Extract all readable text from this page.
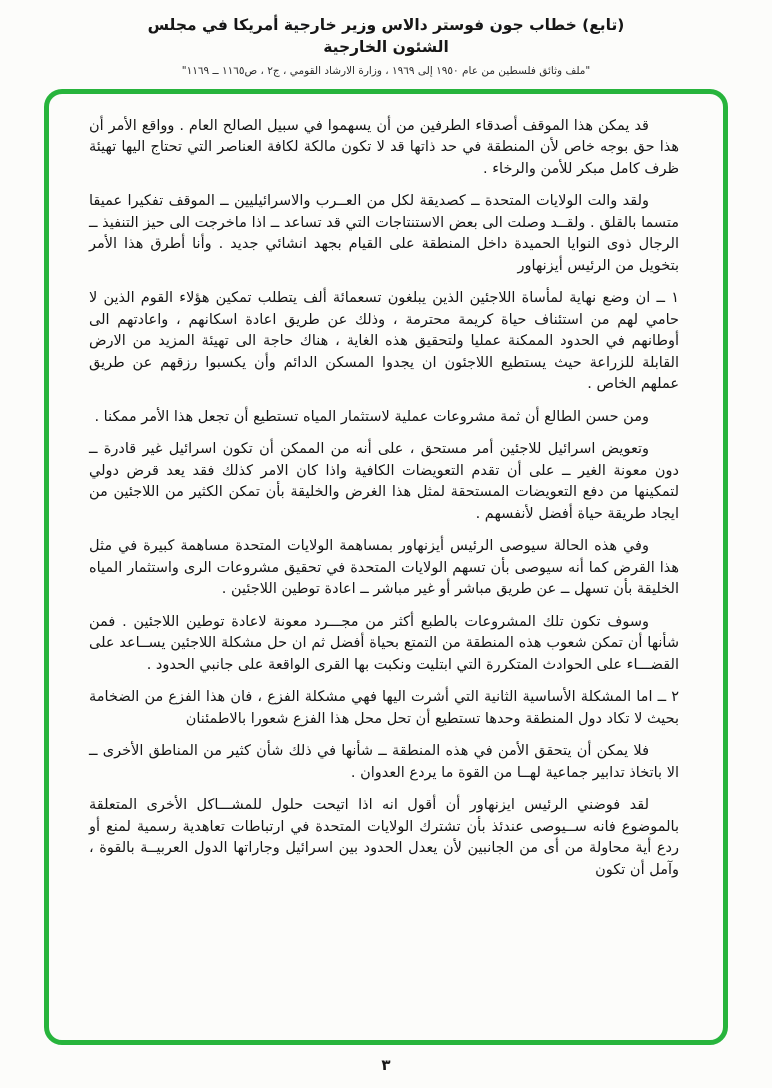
(تابع) خطاب جون فوستر دالاس وزير خارجية أمريكا في مجلس الشئون الخارجية
"ملف وثائق فلسطين من عام ١٩٥٠ إلى ١٩٦٩ ، وزارة الارشاد القومي ، ج٢ ، ص١١٦٥ ــ ١١٦٩"

قد يمكن هذا الموقف أصدقاء الطرفين من أن يسهموا في سبيل الصالح العام . وواقع الأمر أن هذا حق بوجه خاص لأن المنطقة في حد ذاتها قد لا تكون مالكة لكافة العناصر التي تحتاج اليها تهيئة ظرف كامل مبكر للأمن والرخاء .

ولقد والت الولايات المتحدة ــ كصديقة لكل من العــرب والاسرائيليين ــ الموقف تفكيرا عميقا متسما بالقلق . ولقــد وصلت الى بعض الاستنتاجات التي قد تساعد ــ اذا ماخرجت الى حيز التنفيذ ــ الرجال ذوى النوايا الحميدة داخل المنطقة على القيام بجهد انشائي جديد . وأنا أطرق هذا الأمر بتخويل من الرئيس أيزنهاور

١ ــ ان وضع نهاية لمأساة اللاجئين الذين يبلغون تسعمائة ألف يتطلب تمكين هؤلاء القوم الذين لا حامي لهم من استئناف حياة كريمة محترمة ، وذلك عن طريق اعادة اسكانهم ، واعادتهم الى أوطانهم في الحدود الممكنة عمليا ولتحقيق هذه الغاية ، هناك حاجة الى تهيئة المزيد من الارض القابلة للزراعة حيث يستطيع اللاجئون ان يجدوا المسكن الدائم وأن يكسبوا رزقهم عن طريق عملهم الخاص .

ومن حسن الطالع أن ثمة مشروعات عملية لاستثمار المياه تستطيع أن تجعل هذا الأمر ممكنا .

وتعويض اسرائيل للاجئين أمر مستحق ، على أنه من الممكن أن تكون اسرائيل غير قادرة ــ دون معونة الغير ــ على أن تقدم التعويضات الكافية واذا كان الامر كذلك فقد يعد قرض دولي لتمكينها من دفع التعويضات المستحقة لمثل هذا الغرض والخليقة بأن تمكن الكثير من اللاجئين من ايجاد طريقة حياة أفضل لأنفسهم .

وفي هذه الحالة سيوصى الرئيس أيزنهاور بمساهمة الولايات المتحدة مساهمة كبيرة في مثل هذا القرض كما أنه سيوصى بأن تسهم الولايات المتحدة في تحقيق مشروعات الرى واستثمار المياه الخليقة بأن تسهل ــ عن طريق مباشر أو غير مباشر ــ اعادة توطين اللاجئين .

وسوف تكون تلك المشروعات بالطبع أكثر من مجـــرد معونة لاعادة توطين اللاجئين . فمن شأنها أن تمكن شعوب هذه المنطقة من التمتع بحياة أفضل ثم ان حل مشكلة اللاجئين يســاعد على القضـــاء على الحوادث المتكررة التي ابتليت ونكبت بها القرى الواقعة على جانبي الحدود .

٢ ــ اما المشكلة الأساسية الثانية التي أشرت اليها فهي مشكلة الفزع ، فان هذا الفزع من الضخامة بحيث لا تكاد دول المنطقة وحدها تستطيع أن تحل محل هذا الفزع شعورا بالاطمئنان

فلا يمكن أن يتحقق الأمن في هذه المنطقة ــ شأنها في ذلك شأن كثير من المناطق الأخرى ــ الا باتخاذ تدابير جماعية لهــا من القوة ما يردع العدوان .

لقد فوضني الرئيس ايزنهاور أن أقول انه اذا اتيحت حلول للمشـــاكل الأخرى المتعلقة بالموضوع فانه ســيوصى عندئذ بأن تشترك الولايات المتحدة في ارتباطات تعاهدية رسمية لمنع أو ردع أية محاولة من أى من الجانبين لأن يعدل الحدود بين اسرائيل وجاراتها الدول العربيــة بالقوة ، وآمل أن تكون

٣
